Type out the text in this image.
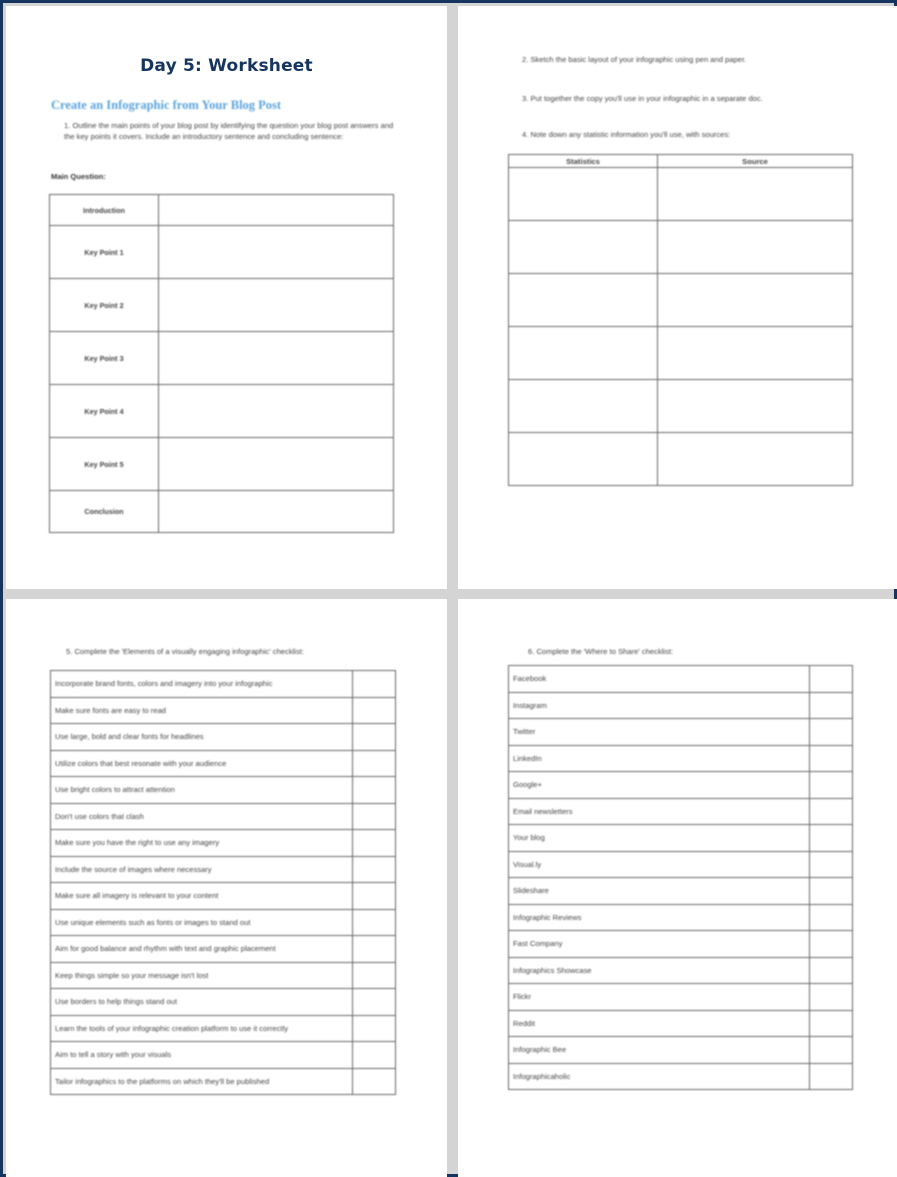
Day 5: Worksheet
Create an Infographic from Your Blog Post
1. Outline the main points of your blog post by identifying the question your blog post answers and the key points it covers. Include an introductory sentence and concluding sentence:
Main Question:
Introduction	
Key Point 1	
Key Point 2	
Key Point 3	
Key Point 4	
Key Point 5	
Conclusion	
2. Sketch the basic layout of your infographic using pen and paper.
3. Put together the copy you'll use in your infographic in a separate doc.
4. Note down any statistic information you'll use, with sources:
Statistics	Source

5. Complete the 'Elements of a visually engaging infographic' checklist:
Incorporate brand fonts, colors and imagery into your infographic	
Make sure fonts are easy to read	
Use large, bold and clear fonts for headlines	
Utilize colors that best resonate with your audience	
Use bright colors to attract attention	
Don't use colors that clash	
Make sure you have the right to use any imagery	
Include the source of images where necessary	
Make sure all imagery is relevant to your content	
Use unique elements such as fonts or images to stand out	
Aim for good balance and rhythm with text and graphic placement	
Keep things simple so your message isn't lost	
Use borders to help things stand out	
Learn the tools of your infographic creation platform to use it correctly	
Aim to tell a story with your visuals	
Tailor infographics to the platforms on which they'll be published	
6. Complete the 'Where to Share' checklist:
Facebook	
Instagram	
Twitter	
LinkedIn	
Google+	
Email newsletters	
Your blog	
Visual.ly	
Slideshare	
Infographic Reviews	
Fast Company	
Infographics Showcase	
Flickr	
Reddit	
Infographic Bee	
Infographicaholic	
